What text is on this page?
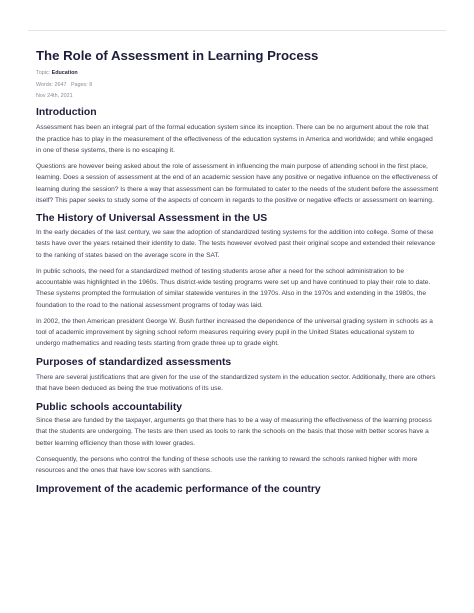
The Role of Assessment in Learning Process
Topic: Education
Words: 2647   Pages: 8
Nov 24th, 2021
Introduction

Assessment has been an integral part of the formal education system since its inception. There can be no argument about the role that the practice has to play in the measurement of the effectiveness of the education systems in America and worldwide; and while engaged in one of these systems, there is no escaping it.

Questions are however being asked about the role of assessment in influencing the main purpose of attending school in the first place, learning. Does a session of assessment at the end of an academic session have any positive or negative influence on the effectiveness of learning during the session? Is there a way that assessment can be formulated to cater to the needs of the student before the assessment itself? This paper seeks to study some of the aspects of concern in regards to the positive or negative effects or assessment on learning.

The History of Universal Assessment in the US

In the early decades of the last century, we saw the adoption of standardized testing systems for the addition into college. Some of these tests have over the years retained their identity to date. The tests however evolved past their original scope and extended their relevance to the ranking of states based on the average score in the SAT.

In public schools, the need for a standardized method of testing students arose after a need for the school administration to be accountable was highlighted in the 1960s. Thus district-wide testing programs were set up and have continued to play their role to date. These systems prompted the formulation of similar statewide ventures in the 1970s. Also in the 1970s and extending in the 1980s, the foundation to the road to the national assessment programs of today was laid.

In 2002, the then American president George W. Bush further increased the dependence of the universal grading system in schools as a tool of academic improvement by signing school reform measures requiring every pupil in the United States educational system to undergo mathematics and reading tests starting from grade three up to grade eight.

Purposes of standardized assessments

There are several justifications that are given for the use of the standardized system in the education sector. Additionally, there are others that have been deduced as being the true motivations of its use.

Public schools accountability

Since these are funded by the taxpayer, arguments go that there has to be a way of measuring the effectiveness of the learning process that the students are undergoing. The tests are then used as tools to rank the schools on the basis that those with better scores have a better learning efficiency than those with lower grades.

Consequently, the persons who control the funding of these schools use the ranking to reward the schools ranked higher with more resources and the ones that have low scores with sanctions.

Improvement of the academic performance of the country
